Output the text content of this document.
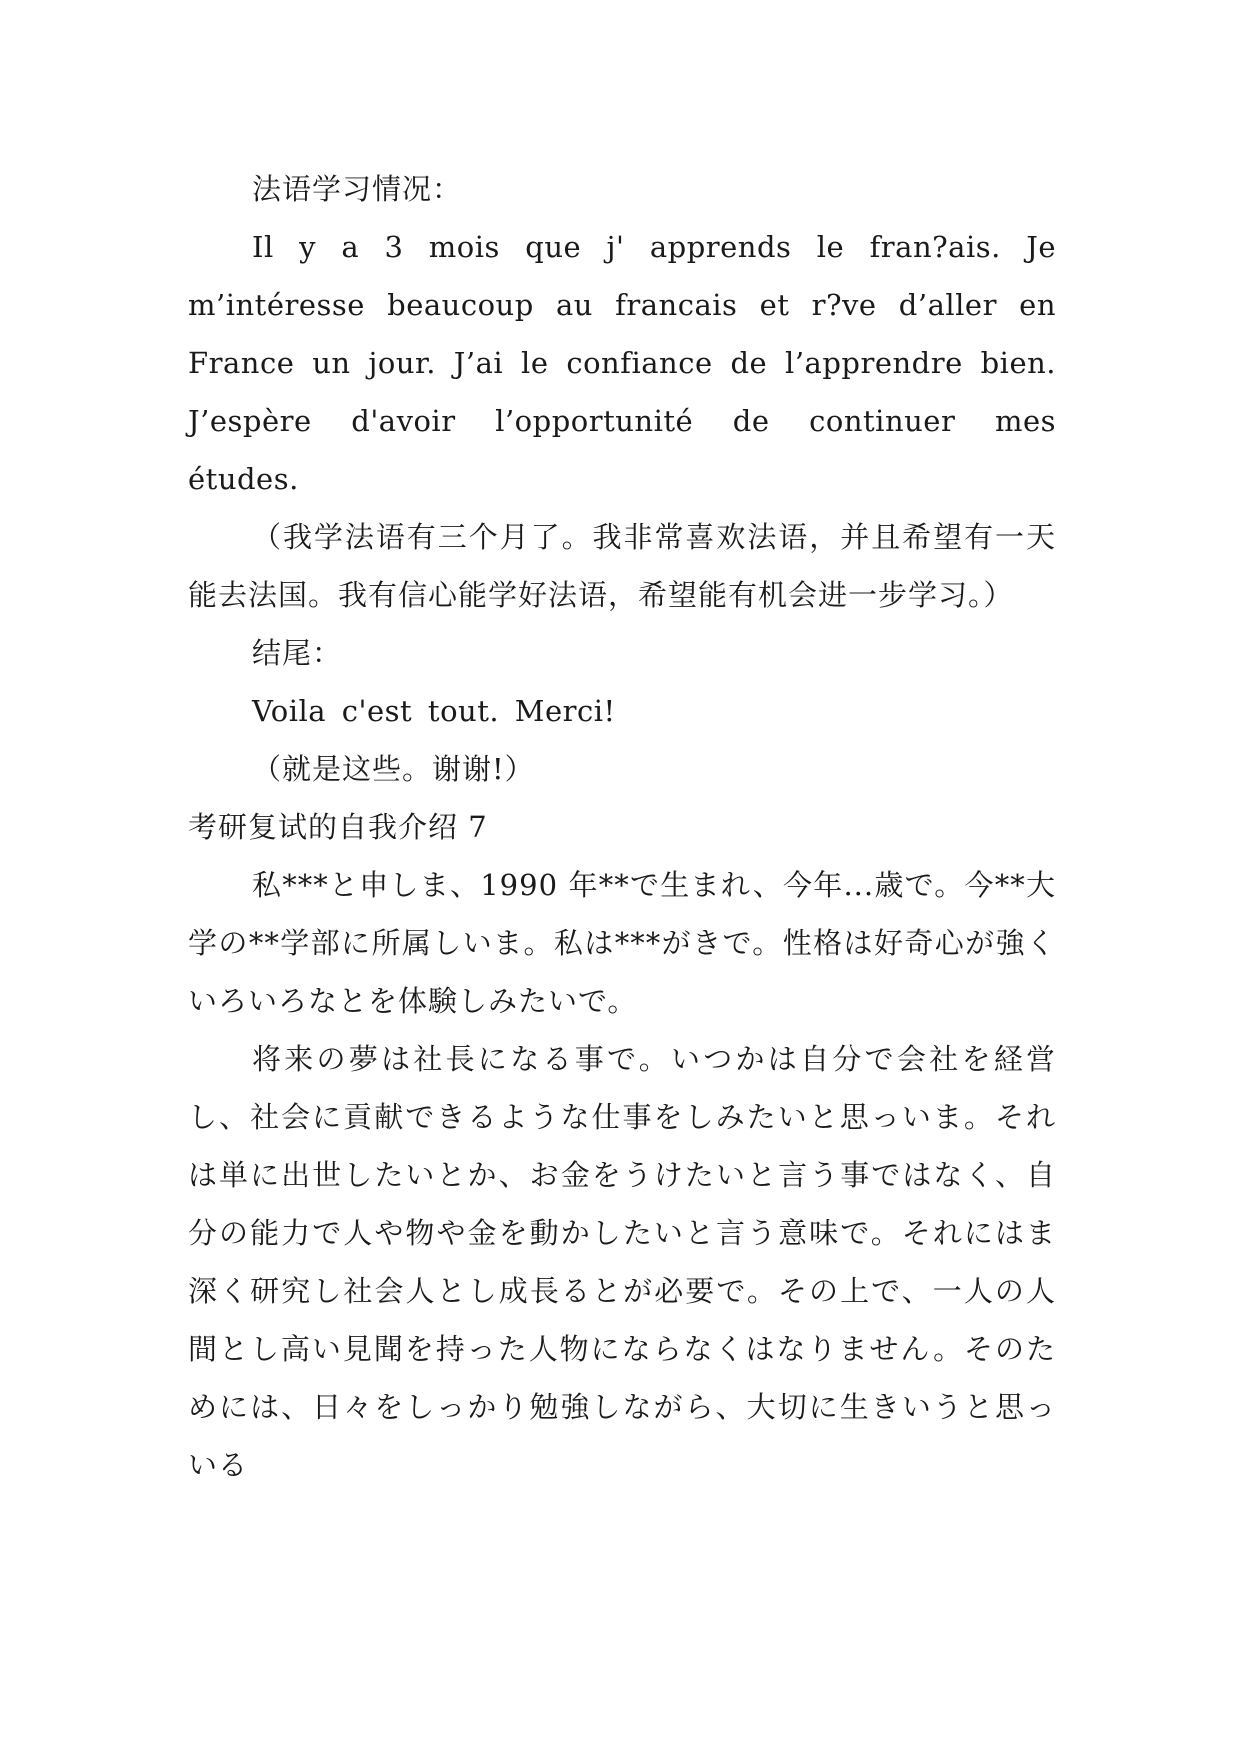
法语学习情况：

Il y a 3 mois que j' apprends le fran?ais. Je m’intéresse beaucoup au francais et r?ve d’aller en France un jour. J’ai le confiance de l’apprendre bien. J’espère d'avoir l’opportunité de continuer mes études.

（我学法语有三个月了。我非常喜欢法语，并且希望有一天能去法国。我有信心能学好法语，希望能有机会进一步学习。）

结尾：

Voila c'est tout. Merci!

（就是这些。谢谢!）

考研复试的自我介绍 7

私***と申しま、1990 年**で生まれ、今年...歳で。今**大学の**学部に所属しいま。私は***がきで。性格は好奇心が強くいろいろなとを体験しみたいで。

将来の夢は社長になる事で。いつかは自分で会社を経営し、社会に貢献できるような仕事をしみたいと思っいま。それは単に出世したいとか、お金をうけたいと言う事ではなく、自分の能力で人や物や金を動かしたいと言う意味で。それにはま深く研究し社会人とし成長るとが必要で。その上で、一人の人間とし高い見聞を持った人物にならなくはなりません。そのためには、日々をしっかり勉強しながら、大切に生きいうと思っいる
